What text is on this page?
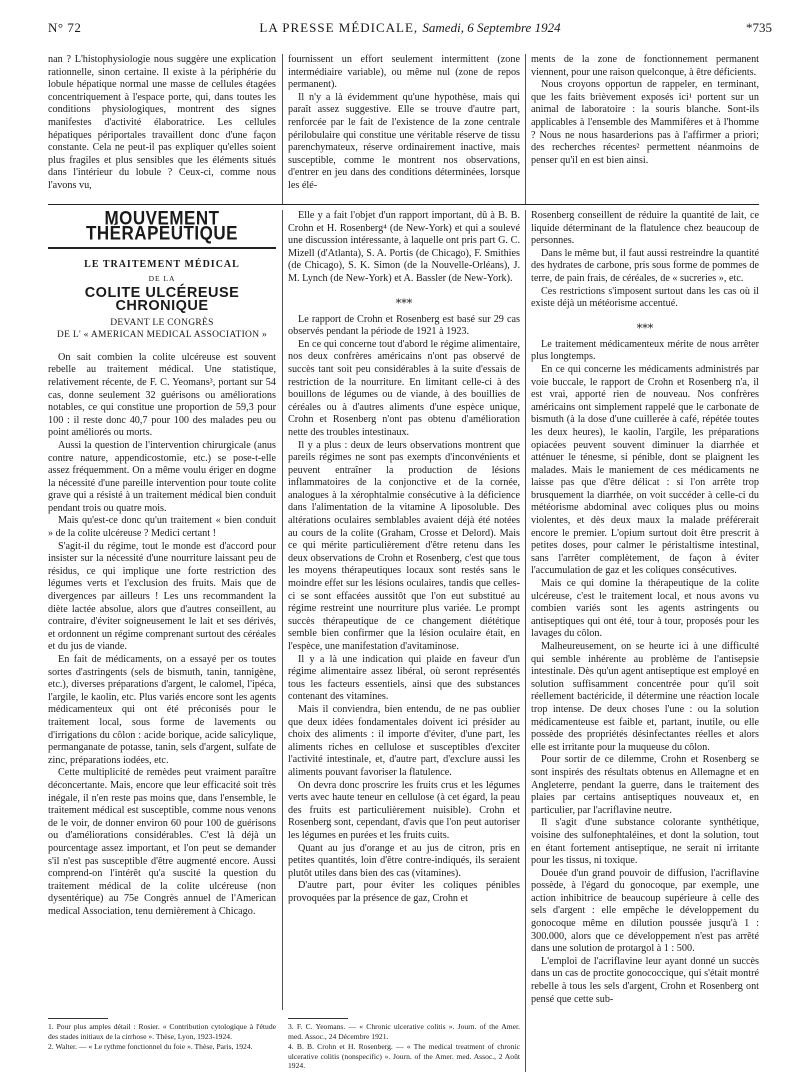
N° 72	LA PRESSE MÉDICALE, Samedi, 6 Septembre 1924	*735

nan ? L'histophysiologie nous suggère une explication rationnelle, sinon certaine. Il existe à la périphérie du lobule hépatique normal une masse de cellules étagées concentriquement à l'espace porte, qui, dans toutes les conditions physiologiques, montrent des signes manifestes d'activité élaboratrice. Les cellules hépatiques périportales travaillent donc d'une façon constante. Cela ne peut-il pas expliquer qu'elles soient plus fragiles et plus sensibles que les éléments situés dans l'intérieur du lobule ? Ceux-ci, comme nous l'avons vu,

fournissent un effort seulement intermittent (zone intermédiaire variable), ou même nul (zone de repos permanent).

Il n'y a là évidemment qu'une hypothèse, mais qui paraît assez suggestive. Elle se trouve d'autre part, renforcée par le fait de l'existence de la zone centrale périlobulaire qui constitue une véritable réserve de tissu parenchymateux, réserve ordinairement inactive, mais susceptible, comme le montrent nos observations, d'entrer en jeu dans des conditions déterminées, lorsque les élé-

ments de la zone de fonctionnement permanent viennent, pour une raison quelconque, à être déficients.

Nous croyons opportun de rappeler, en terminant, que les faits brièvement exposés ici¹ portent sur un animal de laboratoire : la souris blanche. Sont-ils applicables à l'ensemble des Mammifères et à l'homme ? Nous ne nous hasarderions pas à l'affirmer a priori; des recherches récentes² permettent néanmoins de penser qu'il en est bien ainsi.

MOUVEMENT THÉRAPEUTIQUE
LE TRAITEMENT MÉDICAL
DE LA
COLITE ULCÉREUSE CHRONIQUE
DEVANT LE CONGRÈS
DE L' « AMERICAN MEDICAL ASSOCIATION »

On sait combien la colite ulcéreuse est souvent rebelle au traitement médical. Une statistique, relativement récente, de F. C. Yeomans³, portant sur 54 cas, donne seulement 32 guérisons ou améliorations notables, ce qui constitue une proportion de 59,3 pour 100 : il reste donc 40,7 pour 100 des malades peu ou point améliorés ou morts.

Aussi la question de l'intervention chirurgicale (anus contre nature, appendicostomie, etc.) se pose-t-elle assez fréquemment. On a même voulu ériger en dogme la nécessité d'une pareille intervention pour toute colite grave qui a résisté à un traitement médical bien conduit pendant trois ou quatre mois.

Mais qu'est-ce donc qu'un traitement « bien conduit » de la colite ulcéreuse ? Medici certant !

S'agit-il du régime, tout le monde est d'accord pour insister sur la nécessité d'une nourriture laissant peu de résidus, ce qui implique une forte restriction des légumes verts et l'exclusion des fruits. Mais que de divergences par ailleurs ! Les uns recommandent la diète lactée absolue, alors que d'autres conseillent, au contraire, d'éviter soigneusement le lait et ses dérivés, et ordonnent un régime comprenant surtout des céréales et du jus de viande.

En fait de médicaments, on a essayé per os toutes sortes d'astringents (sels de bismuth, tanin, tannigène, etc.), diverses préparations d'argent, le calomel, l'ipéca, l'argile, le kaolin, etc. Plus variés encore sont les agents médicamenteux qui ont été préconisés pour le traitement local, sous forme de lavements ou d'irrigations du côlon : acide borique, acide salicylique, permanganate de potasse, tanin, sels d'argent, sulfate de zinc, préparations iodées, etc.

Cette multiplicité de remèdes peut vraiment paraître déconcertante. Mais, encore que leur efficacité soit très inégale, il n'en reste pas moins que, dans l'ensemble, le traitement médical est susceptible, comme nous venons de le voir, de donner environ 60 pour 100 de guérisons ou d'améliorations considérables. C'est là déjà un pourcentage assez important, et l'on peut se demander s'il n'est pas susceptible d'être augmenté encore. Aussi comprend-on l'intérêt qu'a suscité la question du traitement médical de la colite ulcéreuse (non dysentérique) au 75e Congrès annuel de l'American medical Association, tenu dernièrement à Chicago.

Elle y a fait l'objet d'un rapport important, dû à B. B. Crohn et H. Rosenberg⁴ (de New-York) et qui a soulevé une discussion intéressante, à laquelle ont pris part G. C. Mizell (d'Atlanta), S. A. Portis (de Chicago), F. Smithies (de Chicago), S. K. Simon (de la Nouvelle-Orléans), J. M. Lynch (de New-York) et A. Bassler (de New-York).

⁎⁎⁎

Le rapport de Crohn et Rosenberg est basé sur 29 cas observés pendant la période de 1921 à 1923.

En ce qui concerne tout d'abord le régime alimentaire, nos deux confrères américains n'ont pas observé de succès tant soit peu considérables à la suite d'essais de restriction de la nourriture. En limitant celle-ci à des bouillons de légumes ou de viande, à des bouillies de céréales ou à d'autres aliments d'une espèce unique, Crohn et Rosenberg n'ont pas obtenu d'amélioration nette des troubles intestinaux.

Il y a plus : deux de leurs observations montrent que pareils régimes ne sont pas exempts d'inconvénients et peuvent entraîner la production de lésions inflammatoires de la conjonctive et de la cornée, analogues à la xérophtalmie consécutive à la déficience dans l'alimentation de la vitamine A liposoluble. Des altérations oculaires semblables avaient déjà été notées au cours de la colite (Graham, Crosse et Delord). Mais ce qui mérite particulièrement d'être retenu dans les deux observations de Crohn et Rosenberg, c'est que tous les moyens thérapeutiques locaux sont restés sans le moindre effet sur les lésions oculaires, tandis que celles-ci se sont effacées aussitôt que l'on eut substitué au régime restreint une nourriture plus variée. Le prompt succès thérapeutique de ce changement diététique semble bien confirmer que la lésion oculaire était, en l'espèce, une manifestation d'avitaminose.

Il y a là une indication qui plaide en faveur d'un régime alimentaire assez libéral, où seront représentés tous les facteurs essentiels, ainsi que des substances contenant des vitamines.

Mais il conviendra, bien entendu, de ne pas oublier que deux idées fondamentales doivent ici présider au choix des aliments : il importe d'éviter, d'une part, les aliments riches en cellulose et susceptibles d'exciter l'activité intestinale, et, d'autre part, d'exclure aussi les aliments pouvant favoriser la flatulence.

On devra donc proscrire les fruits crus et les légumes verts avec haute teneur en cellulose (à cet égard, la peau des fruits est particulièrement nuisible). Crohn et Rosenberg sont, cependant, d'avis que l'on peut autoriser les légumes en purées et les fruits cuits.

Quant au jus d'orange et au jus de citron, pris en petites quantités, loin d'être contre-indiqués, ils seraient plutôt utiles dans bien des cas (vitamines).

D'autre part, pour éviter les coliques pénibles provoquées par la présence de gaz, Crohn et

Rosenberg conseillent de réduire la quantité de lait, ce liquide déterminant de la flatulence chez beaucoup de personnes.

Dans le même but, il faut aussi restreindre la quantité des hydrates de carbone, pris sous forme de pommes de terre, de pain frais, de céréales, de « sucreries », etc.

Ces restrictions s'imposent surtout dans les cas où il existe déjà un météorisme accentué.

⁎⁎⁎

Le traitement médicamenteux mérite de nous arrêter plus longtemps.

En ce qui concerne les médicaments administrés par voie buccale, le rapport de Crohn et Rosenberg n'a, il est vrai, apporté rien de nouveau. Nos confrères américains ont simplement rappelé que le carbonate de bismuth (à la dose d'une cuillerée à café, répétée toutes les deux heures), le kaolin, l'argile, les préparations opiacées peuvent souvent diminuer la diarrhée et atténuer le ténesme, si pénible, dont se plaignent les malades. Mais le maniement de ces médicaments ne laisse pas que d'être délicat : si l'on arrête trop brusquement la diarrhée, on voit succéder à celle-ci du météorisme abdominal avec coliques plus ou moins violentes, et dès deux maux la malade préférerait encore le premier. L'opium surtout doit être prescrit à petites doses, pour calmer le péristaltisme intestinal, sans l'arrêter complètement, de façon à éviter l'accumulation de gaz et les coliques consécutives.

Mais ce qui domine la thérapeutique de la colite ulcéreuse, c'est le traitement local, et nous avons vu combien variés sont les agents astringents ou antiseptiques qui ont été, tour à tour, proposés pour les lavages du côlon.

Malheureusement, on se heurte ici à une difficulté qui semble inhérente au problème de l'antisepsie intestinale. Dès qu'un agent antiseptique est employé en solution suffisamment concentrée pour qu'il soit réellement bactéricide, il détermine une réaction locale trop intense. De deux choses l'une : ou la solution médicamenteuse est faible et, partant, inutile, ou elle possède des propriétés désinfectantes réelles et alors elle est irritante pour la muqueuse du côlon.

Pour sortir de ce dilemme, Crohn et Rosenberg se sont inspirés des résultats obtenus en Allemagne et en Angleterre, pendant la guerre, dans le traitement des plaies par certains antiseptiques nouveaux et, en particulier, par l'acriflavine neutre.

Il s'agit d'une substance colorante synthétique, voisine des sulfonephtaléines, et dont la solution, tout en étant fortement antiseptique, ne serait ni irritante pour les tissus, ni toxique.

Douée d'un grand pouvoir de diffusion, l'acriflavine possède, à l'égard du gonocoque, par exemple, une action inhibitrice de beaucoup supérieure à celle des sels d'argent : elle empêche le développement du gonocoque même en dilution poussée jusqu'à 1 : 300.000, alors que ce développement n'est pas arrêté dans une solution de protargol à 1 : 500.

L'emploi de l'acriflavine leur ayant donné un succès dans un cas de proctite gonococcique, qui s'était montré rebelle à tous les sels d'argent, Crohn et Rosenberg ont pensé que cette sub-

1. Pour plus amples détail : Rosier. « Contribution cytologique à l'étude des stades initiaux de la cirrhose ». Thèse, Lyon, 1923-1924.

2. Walter. — « Le rythme fonctionnel du foie ». Thèse, Paris, 1924.

3. F. C. Yeomans. — « Chronic ulcerative colitis ». Journ. of the Amer. med. Assoc., 24 Décembre 1921.

4. B. B. Crohn et H. Rosenberg. — « The medical treatment of chronic ulcerative colitis (nonspecific) ». Journ. of the Amer. med. Assoc., 2 Août 1924.
